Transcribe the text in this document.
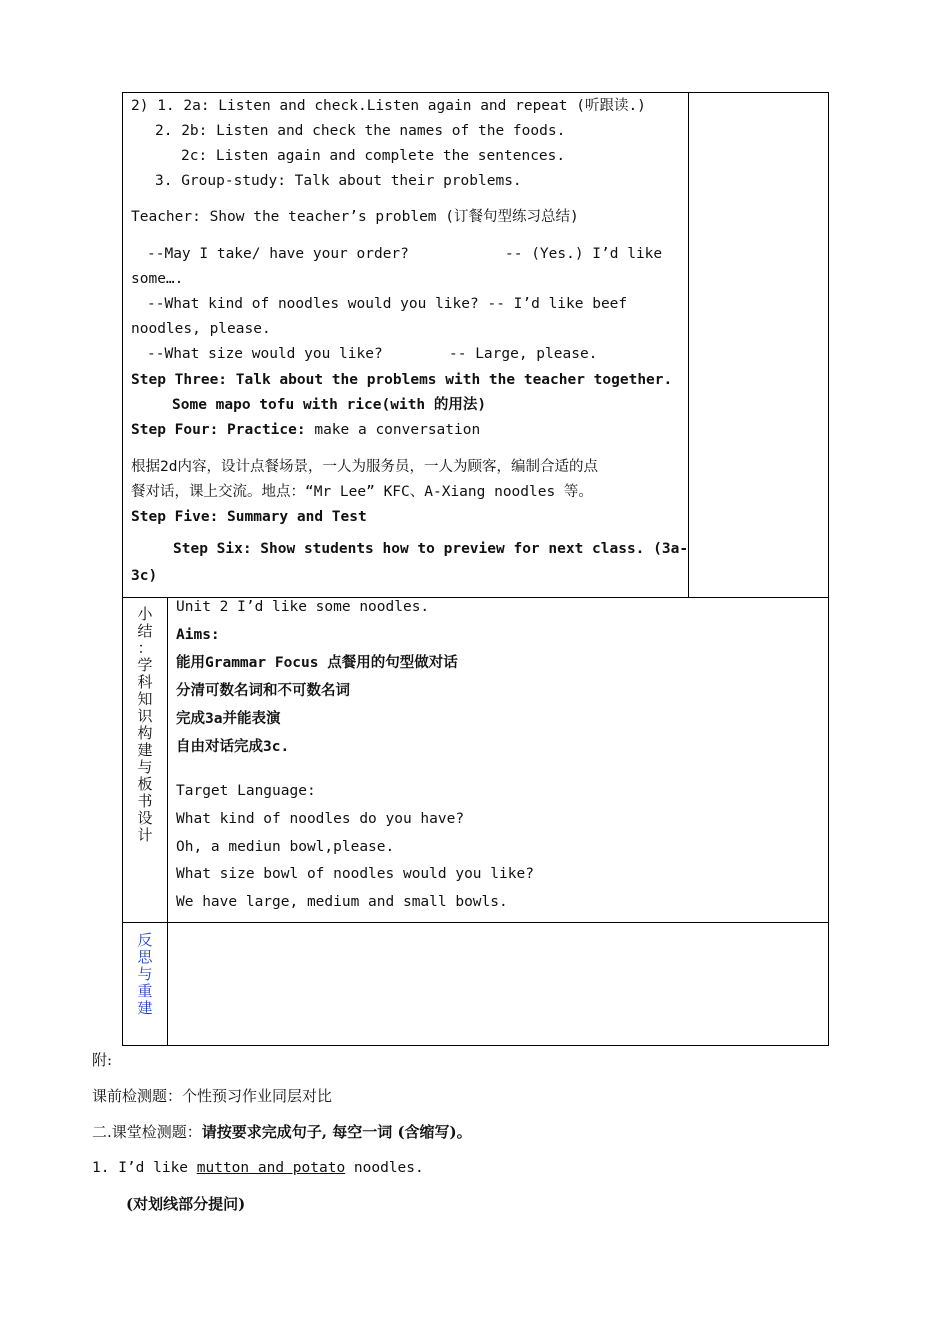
2) 1. 2a: Listen and check.Listen again and repeat (听跟读.)
2. 2b: Listen and check the names of the foods.
2c: Listen again and complete the sentences.
3. Group-study: Talk about their problems.
Teacher: Show the teacher’s problem (订餐句型练习总结)
--May I take/ have your order?	-- (Yes.) I’d like
some….
--What kind of noodles would you like? -- I’d like beef
noodles, please.
--What size would you like?	-- Large, please.
Step Three: Talk about the problems with the teacher together.
Some mapo tofu with rice(with 的用法)
Step Four: Practice: make a conversation
根据2d内容，设计点餐场景，一人为服务员，一人为顾客，编制合适的点
餐对话，课上交流。地点：“Mr Lee” KFC、A-Xiang noodles 等。
Step Five: Summary and Test
Step Six: Show students how to preview for next class. (3a-
3c)
小
结
：
学
科
知
识
构
建
与
板
书
设
计
Unit 2 I’d like some noodles.
Aims:
能用Grammar Focus 点餐用的句型做对话
分清可数名词和不可数名词
完成3a并能表演
自由对话完成3c.
Target Language:
What kind of noodles do you have?
Oh, a mediun bowl,please.
What size bowl of noodles would you like?
We have large, medium and small bowls.
反
思
与
重
建
附:
课前检测题：个性预习作业同层对比
二.课堂检测题：请按要求完成句子, 每空一词 (含缩写)。
1. I’d like mutton and potato noodles.
(对划线部分提问)
